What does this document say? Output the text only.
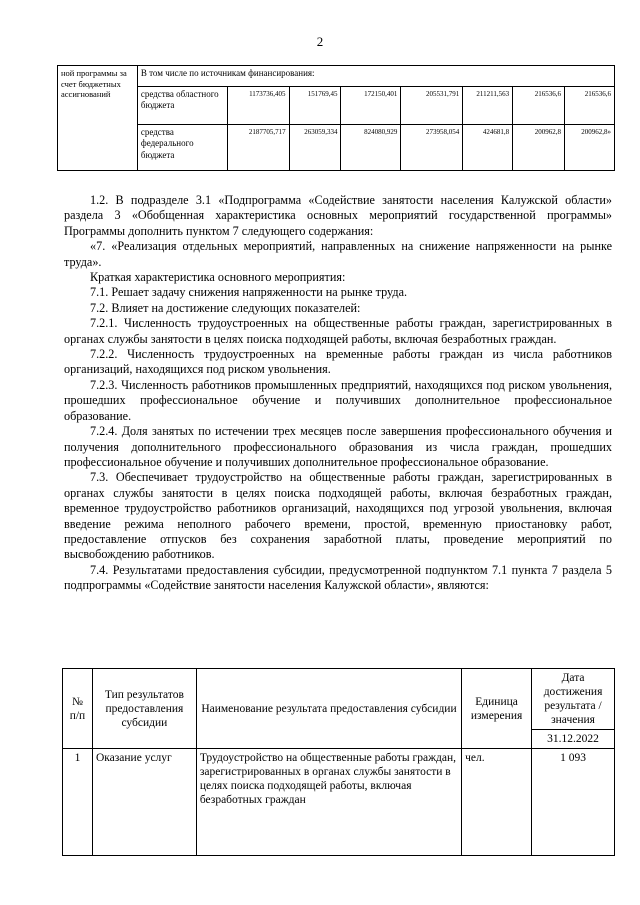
2
ной программы за счет бюджетных ассигнований	В том числе по источникам финансирования:							
	средства областного бюджета	1173736,405	151769,45	172150,401	205531,791	211211,563	216536,6	216536,6
	средства федерального бюджета	2187705,717	263059,334	824080,929	273958,054	424681,8	200962,8	200962,8»

1.2. В подразделе 3.1 «Подпрограмма «Содействие занятости населения Калужской области» раздела 3 «Обобщенная характеристика основных мероприятий государственной программы» Программы дополнить пунктом 7 следующего содержания:

«7. «Реализация отдельных мероприятий, направленных на снижение напряженности на рынке труда».

Краткая характеристика основного мероприятия:

7.1. Решает задачу снижения напряженности на рынке труда.

7.2. Влияет на достижение следующих показателей:

7.2.1. Численность трудоустроенных на общественные работы граждан, зарегистрированных в органах службы занятости в целях поиска подходящей работы, включая безработных граждан.

7.2.2. Численность трудоустроенных на временные работы граждан из числа работников организаций, находящихся под риском увольнения.

7.2.3. Численность работников промышленных предприятий, находящихся под риском увольнения, прошедших профессиональное обучение и получивших дополнительное профессиональное образование.

7.2.4. Доля занятых по истечении трех месяцев после завершения профессионального обучения и получения дополнительного профессионального образования из числа граждан, прошедших профессиональное обучение и получивших дополнительное профессиональное образование.

7.3. Обеспечивает трудоустройство на общественные работы граждан, зарегистрированных в органах службы занятости в целях поиска подходящей работы, включая безработных граждан, временное трудоустройство работников организаций, находящихся под угрозой увольнения, включая введение режима неполного рабочего времени, простой, временную приостановку работ, предоставление отпусков без сохранения заработной платы, проведение мероприятий по высвобождению работников.

7.4. Результатами предоставления субсидии, предусмотренной подпунктом 7.1 пункта 7 раздела 5 подпрограммы «Содействие занятости населения Калужской области», являются:

№ п/п	Тип результатов предоставления субсидии	Наименование результата предоставления субсидии	Единица измерения	Дата достижения результата / значения
				31.12.2022
1	Оказание услуг	Трудоустройство на общественные работы граждан, зарегистрированных в органах службы занятости в целях поиска подходящей работы, включая безработных граждан	чел.	1 093
